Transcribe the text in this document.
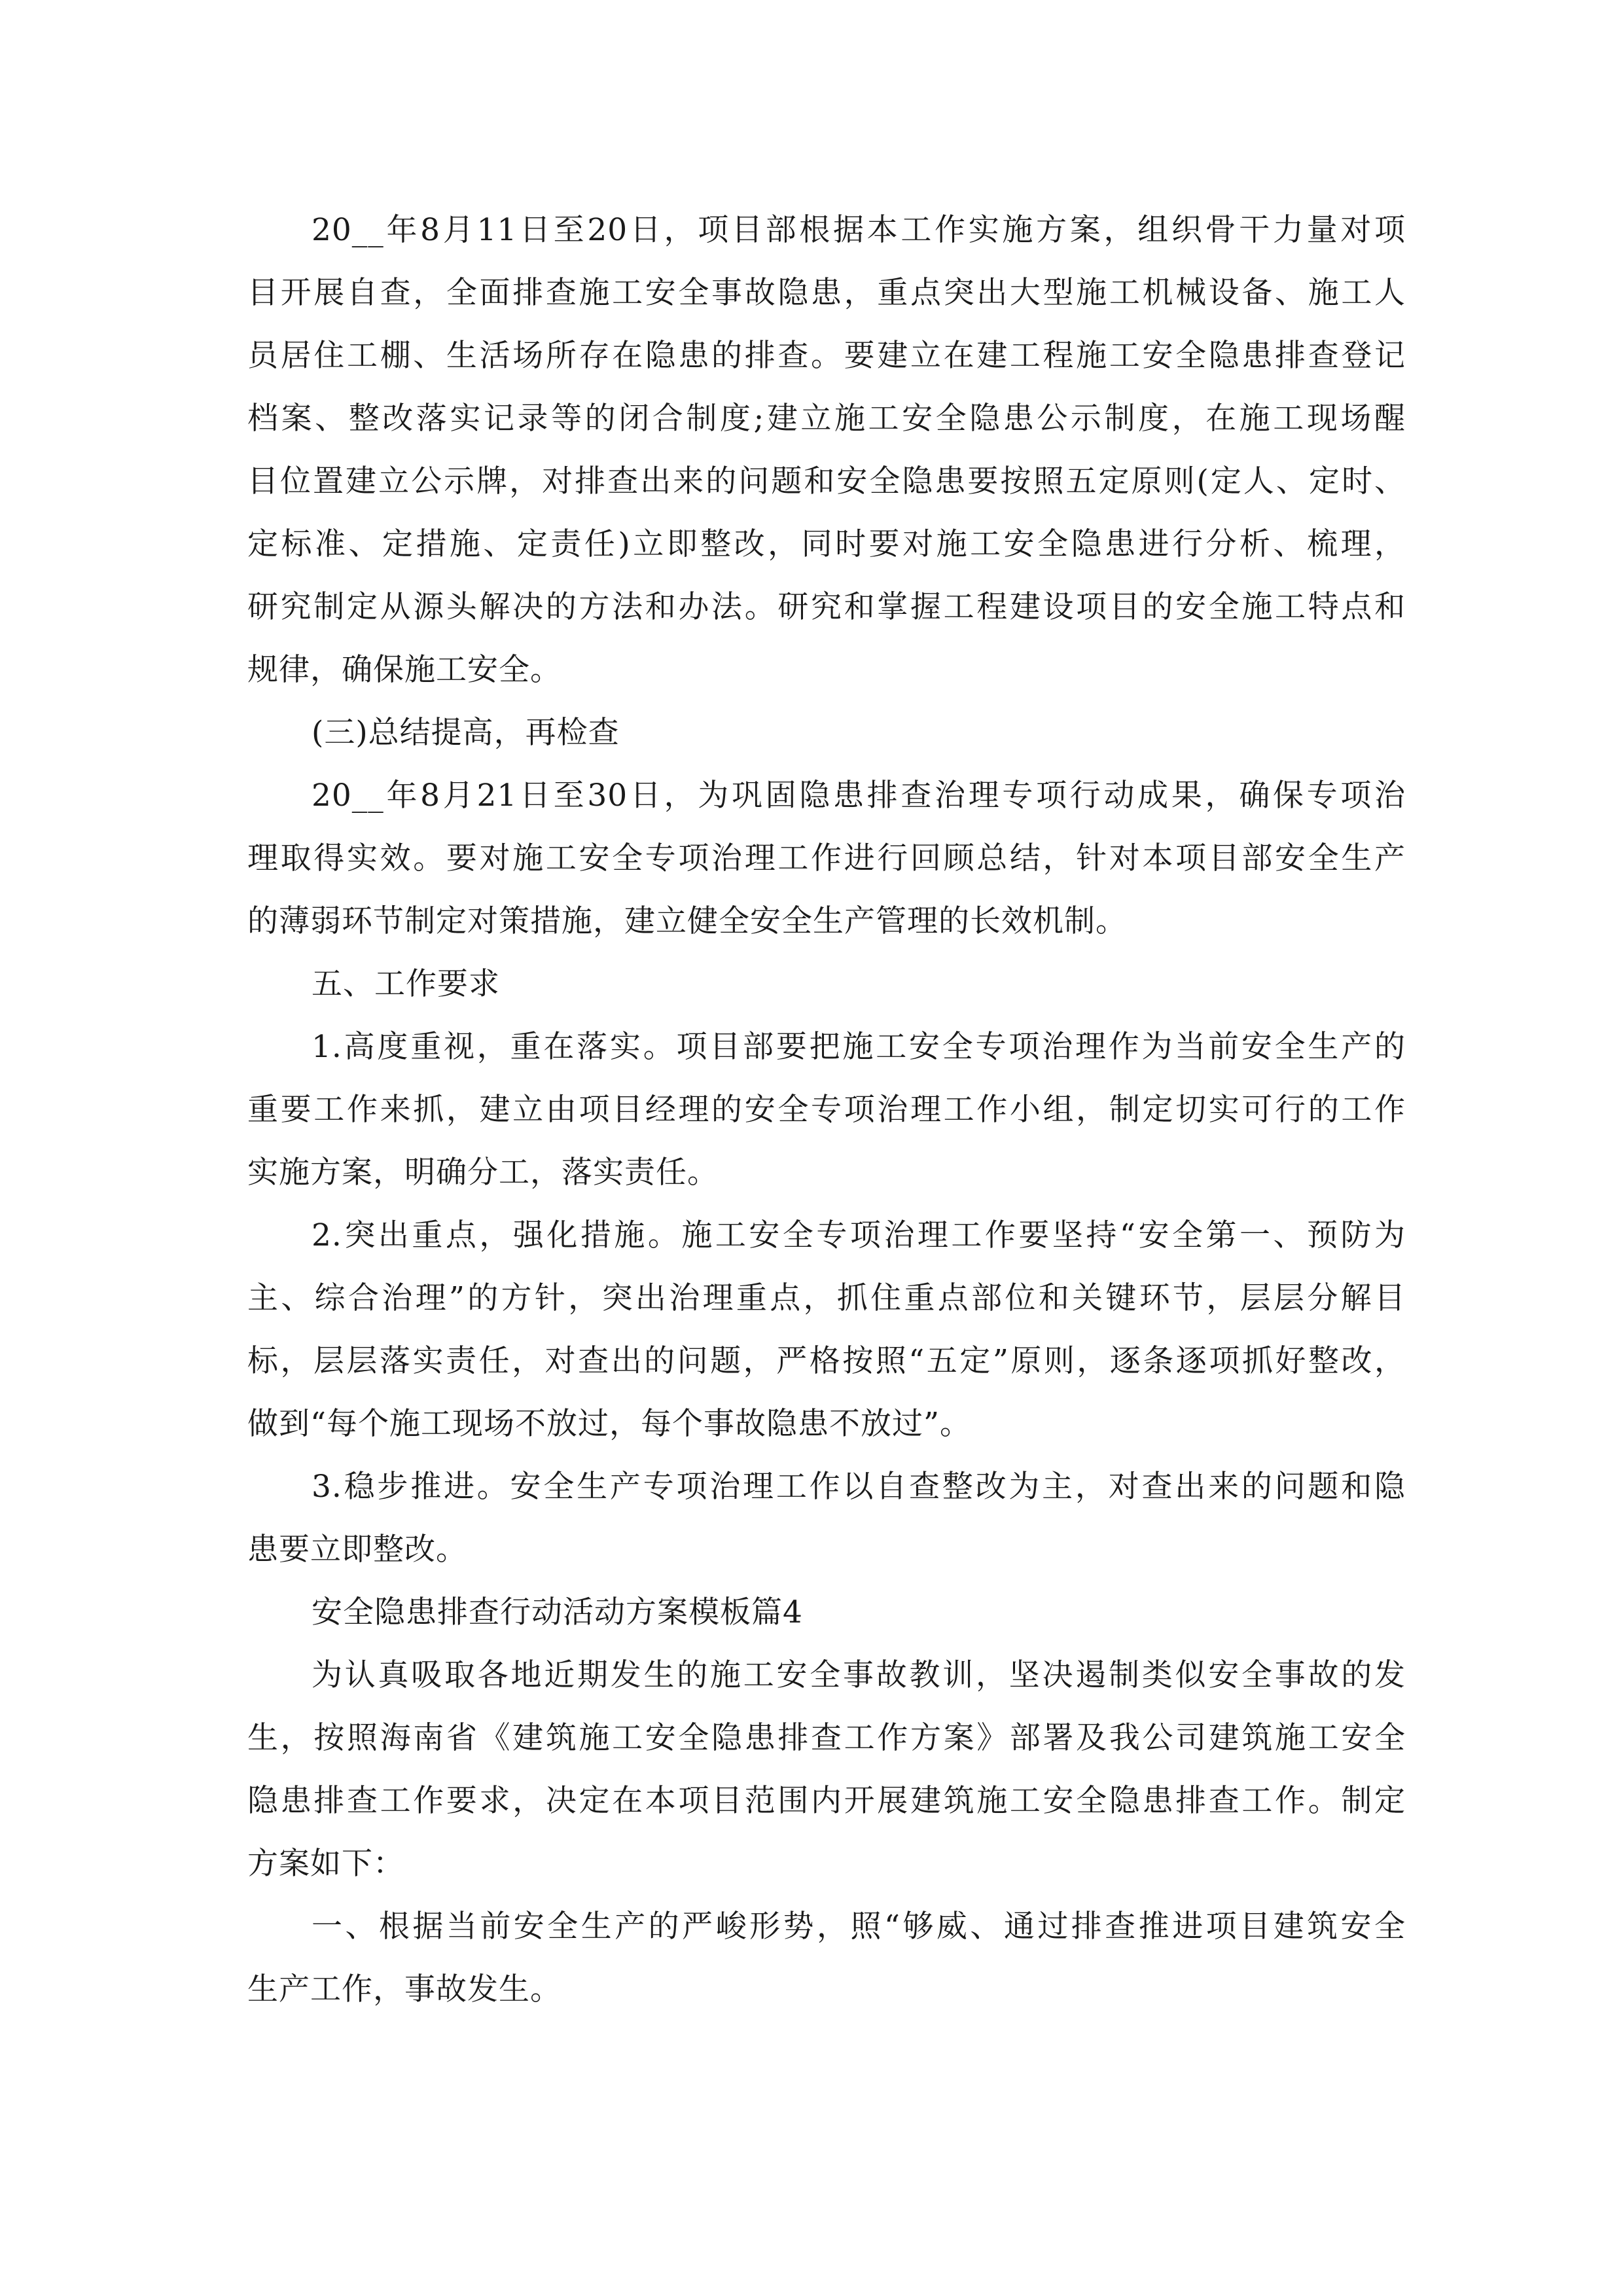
20__年8月11日至20日，项目部根据本工作实施方案，组织骨干力量对项
目开展自查，全面排查施工安全事故隐患，重点突出大型施工机械设备、施工人
员居住工棚、生活场所存在隐患的排查。要建立在建工程施工安全隐患排查登记
档案、整改落实记录等的闭合制度;建立施工安全隐患公示制度，在施工现场醒
目位置建立公示牌，对排查出来的问题和安全隐患要按照五定原则(定人、定时、
定标准、定措施、定责任)立即整改，同时要对施工安全隐患进行分析、梳理，
研究制定从源头解决的方法和办法。研究和掌握工程建设项目的安全施工特点和
规律，确保施工安全。
(三)总结提高，再检查
20__年8月21日至30日，为巩固隐患排查治理专项行动成果，确保专项治
理取得实效。要对施工安全专项治理工作进行回顾总结，针对本项目部安全生产
的薄弱环节制定对策措施，建立健全安全生产管理的长效机制。
五、工作要求
1.高度重视，重在落实。项目部要把施工安全专项治理作为当前安全生产的
重要工作来抓，建立由项目经理的安全专项治理工作小组，制定切实可行的工作
实施方案，明确分工，落实责任。
2.突出重点，强化措施。施工安全专项治理工作要坚持“安全第一、预防为
主、综合治理”的方针，突出治理重点，抓住重点部位和关键环节，层层分解目
标，层层落实责任，对查出的问题，严格按照“五定”原则，逐条逐项抓好整改，
做到“每个施工现场不放过，每个事故隐患不放过”。
3.稳步推进。安全生产专项治理工作以自查整改为主，对查出来的问题和隐
患要立即整改。
安全隐患排查行动活动方案模板篇4
为认真吸取各地近期发生的施工安全事故教训，坚决遏制类似安全事故的发
生，按照海南省《建筑施工安全隐患排查工作方案》部署及我公司建筑施工安全
隐患排查工作要求，决定在本项目范围内开展建筑施工安全隐患排查工作。制定
方案如下：
一、根据当前安全生产的严峻形势，照“够威、通过排查推进项目建筑安全
生产工作，事故发生。
